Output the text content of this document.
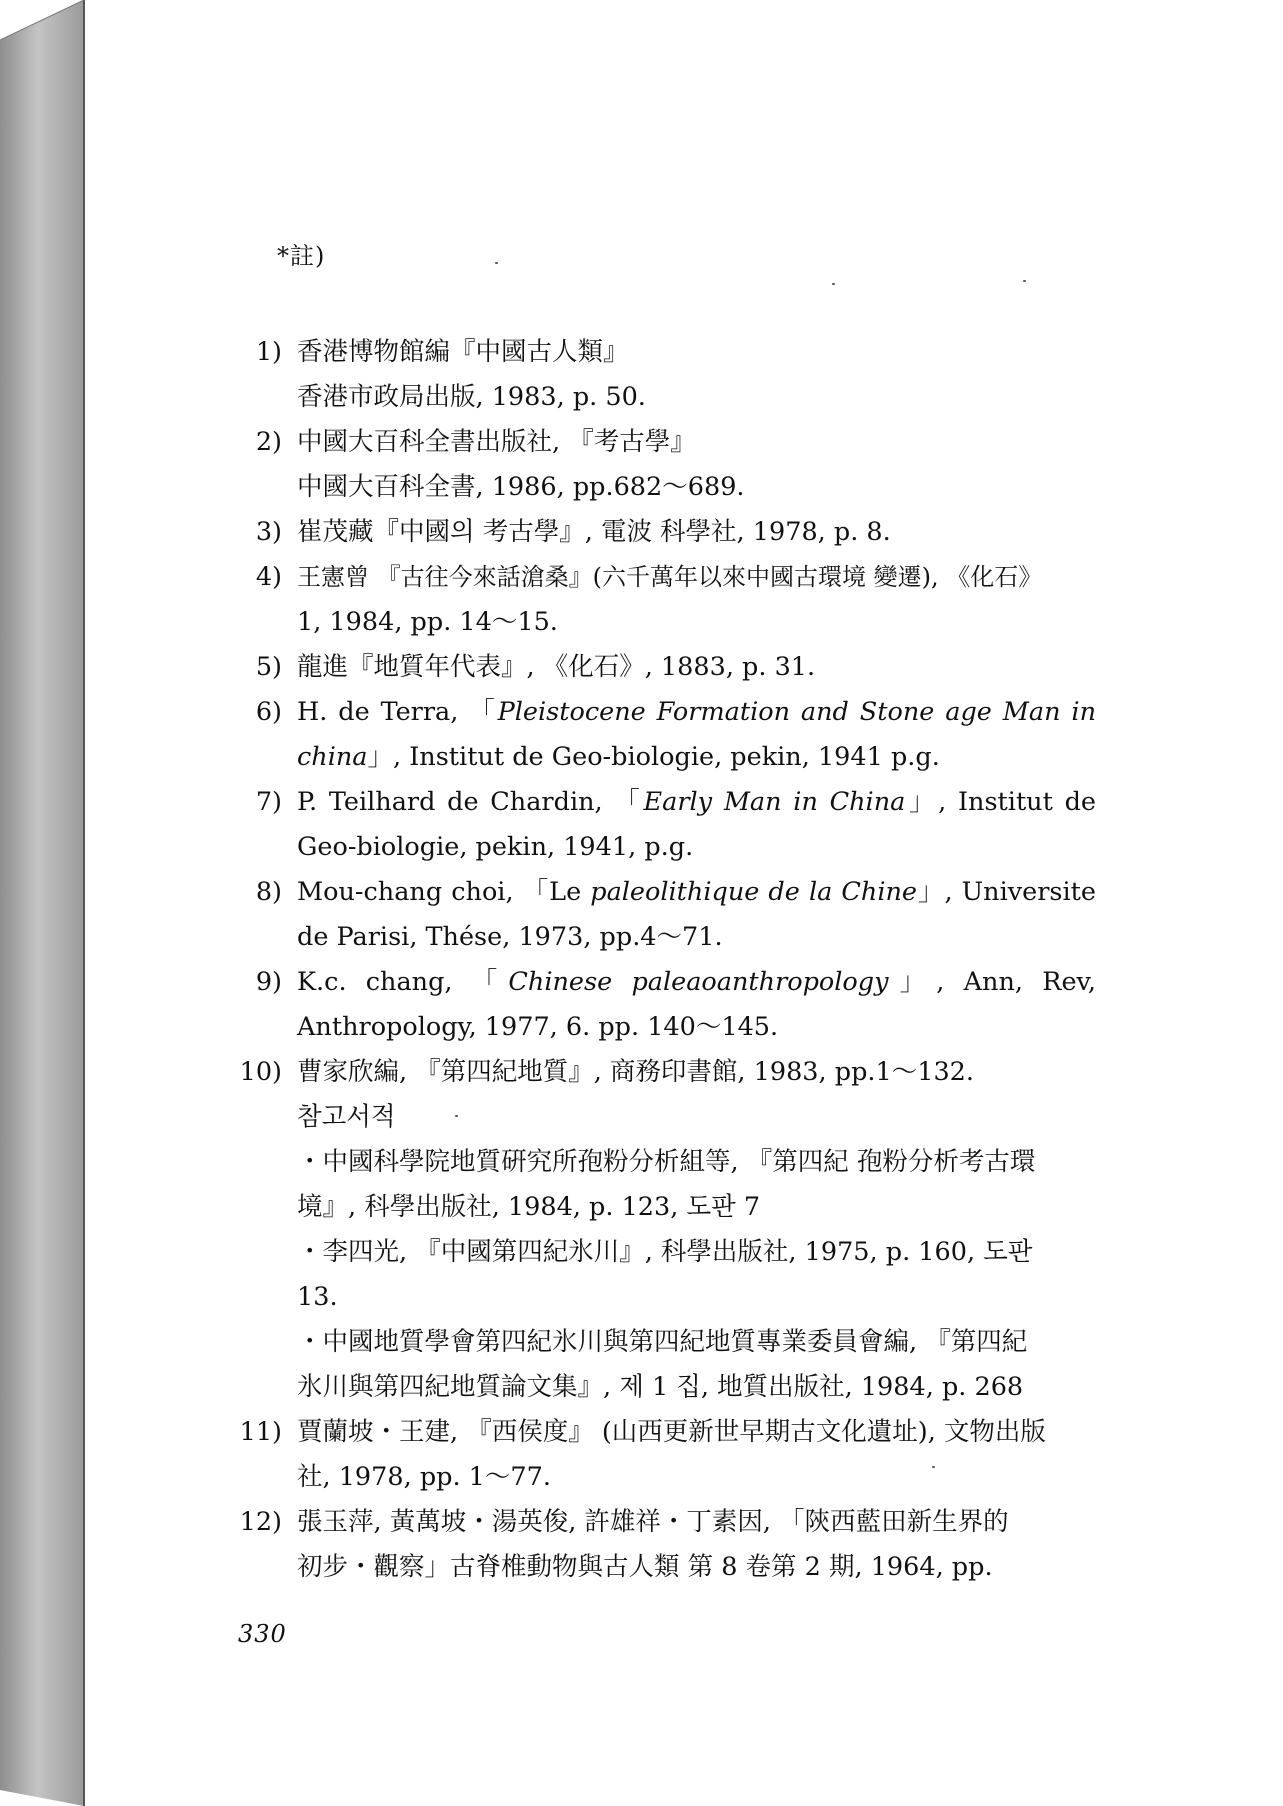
*註)
1) 香港博物館編『中國古人類』
香港市政局出版, 1983, p. 50.
2) 中國大百科全書出版社, 『考古學』
中國大百科全書, 1986, pp.682～689.
3) 崔茂藏『中國의 考古學』, 電波 科學社, 1978, p. 8.
4) 王憲曾 『古往今來話滄桑』(六千萬年以來中國古環境 變遷), 《化石》
1, 1984, pp. 14～15.
5) 龍進『地質年代表』, 《化石》, 1883, p. 31.
6) H. de Terra, 「Pleistocene Formation and Stone age Man in
china」, Institut de Geo-biologie, pekin, 1941 p.g.
7) P. Teilhard de Chardin, 「Early Man in China」, Institut de
Geo-biologie, pekin, 1941, p.g.
8) Mou-chang choi, 「Le paleolithique de la Chine」, Universite
de Parisi, Thése, 1973, pp.4～71.
9) K.c. chang, 「Chinese paleaoanthropology」, Ann, Rev,
Anthropology, 1977, 6. pp. 140～145.
10) 曹家欣編, 『第四紀地質』, 商務印書館, 1983, pp.1～132.
참고서적
・中國科學院地質硏究所孢粉分析組等, 『第四紀 孢粉分析考古環
境』, 科學出版社, 1984, p. 123, 도판 7
・李四光, 『中國第四紀氷川』, 科學出版社, 1975, p. 160, 도판
13.
・中國地質學會第四紀氷川與第四紀地質專業委員會編, 『第四紀
氷川與第四紀地質論文集』, 제 1 집, 地質出版社, 1984, p. 268
11) 賈蘭坡・王建, 『西侯度』 (山西更新世早期古文化遺址), 文物出版
社, 1978, pp. 1～77.
12) 張玉萍, 黃萬坡・湯英俊, 許雄祥・丁素因, 「陝西藍田新生界的
初步・觀察」古脊椎動物與古人類 第 8 卷第 2 期, 1964, pp.
330
